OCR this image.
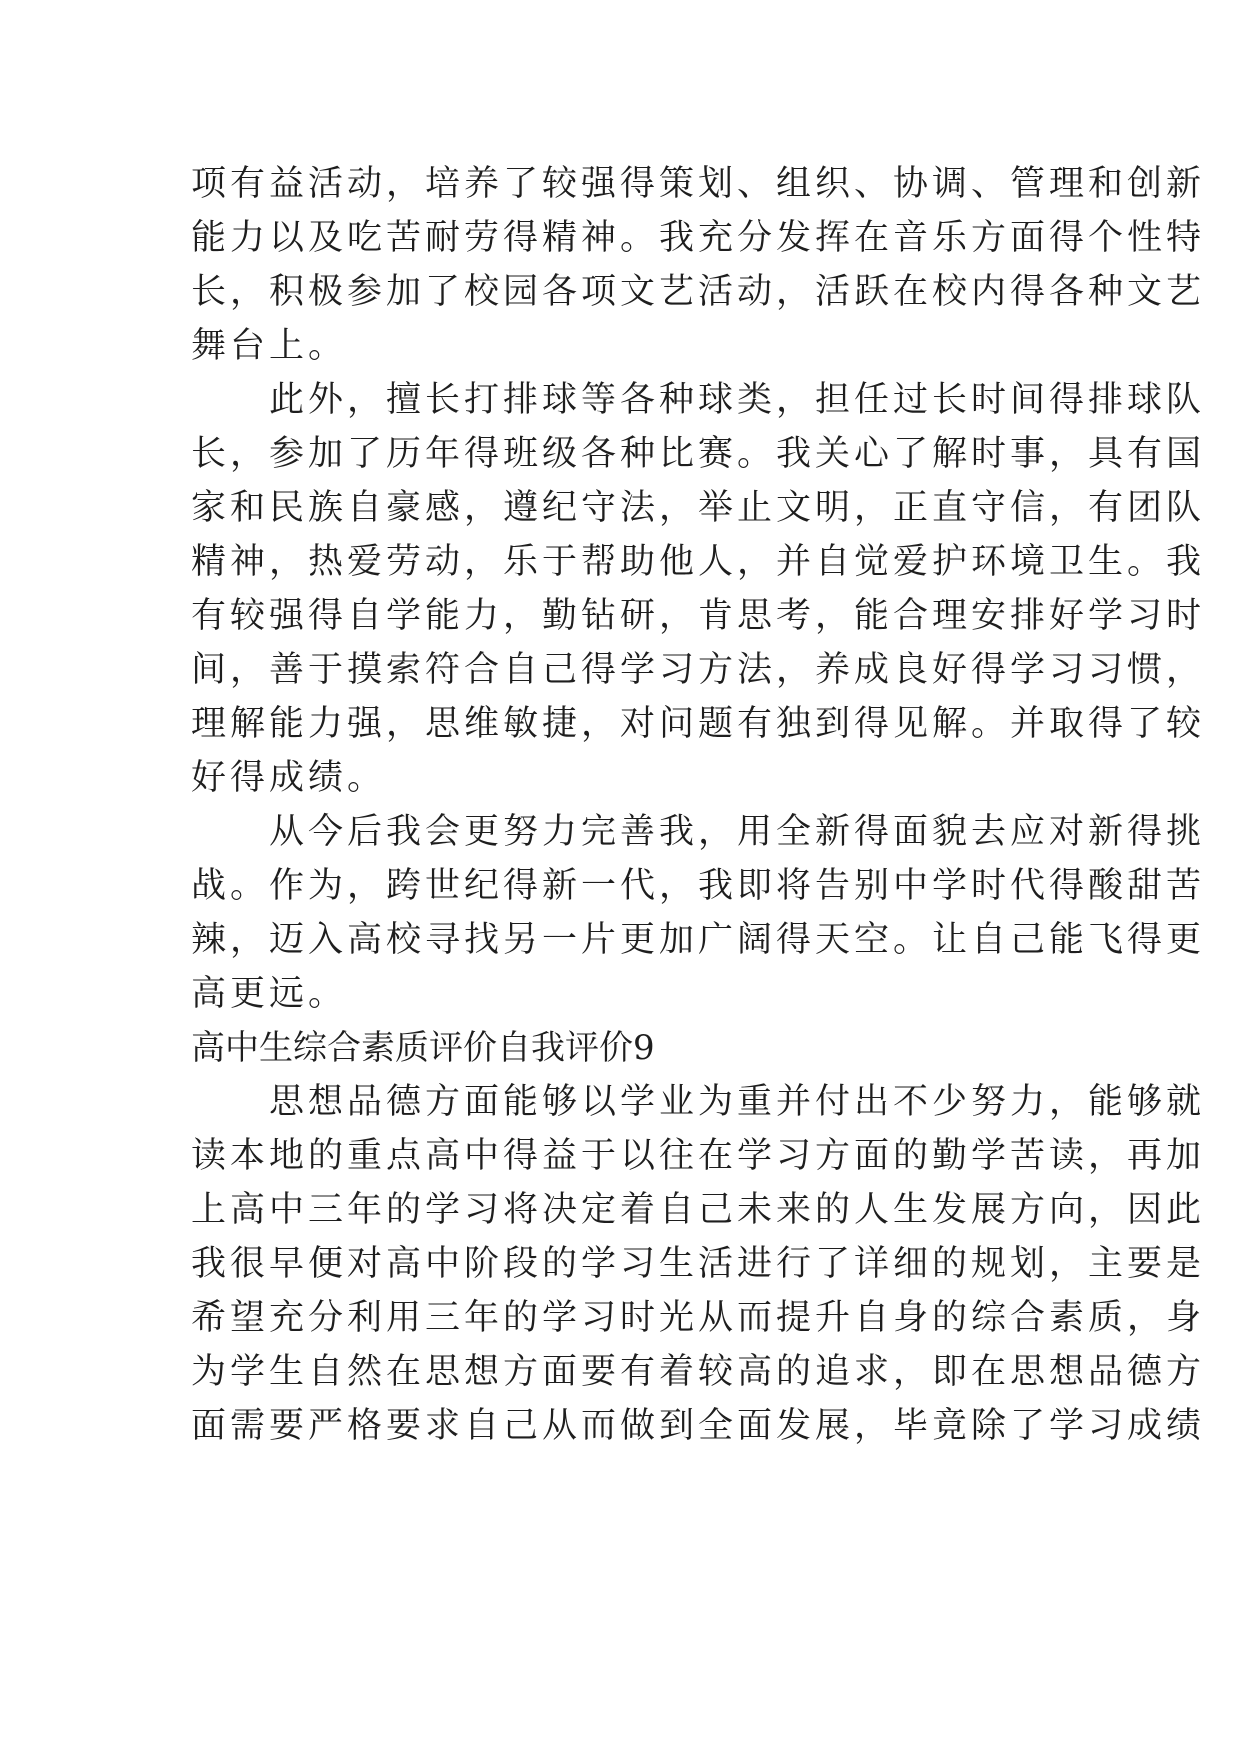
项有益活动，培养了较强得策划、组织、协调、管理和创新
能力以及吃苦耐劳得精神。我充分发挥在音乐方面得个性特
长，积极参加了校园各项文艺活动，活跃在校内得各种文艺
舞台上。
此外，擅长打排球等各种球类，担任过长时间得排球队
长，参加了历年得班级各种比赛。我关心了解时事，具有国
家和民族自豪感，遵纪守法，举止文明，正直守信，有团队
精神，热爱劳动，乐于帮助他人，并自觉爱护环境卫生。我
有较强得自学能力，勤钻研，肯思考，能合理安排好学习时
间，善于摸索符合自己得学习方法，养成良好得学习习惯，
理解能力强，思维敏捷，对问题有独到得见解。并取得了较
好得成绩。
从今后我会更努力完善我，用全新得面貌去应对新得挑
战。作为，跨世纪得新一代，我即将告别中学时代得酸甜苦
辣，迈入高校寻找另一片更加广阔得天空。让自己能飞得更
高更远。
高中生综合素质评价自我评价9
思想品德方面能够以学业为重并付出不少努力，能够就
读本地的重点高中得益于以往在学习方面的勤学苦读，再加
上高中三年的学习将决定着自己未来的人生发展方向，因此
我很早便对高中阶段的学习生活进行了详细的规划，主要是
希望充分利用三年的学习时光从而提升自身的综合素质，身
为学生自然在思想方面要有着较高的追求，即在思想品德方
面需要严格要求自己从而做到全面发展，毕竟除了学习成绩
